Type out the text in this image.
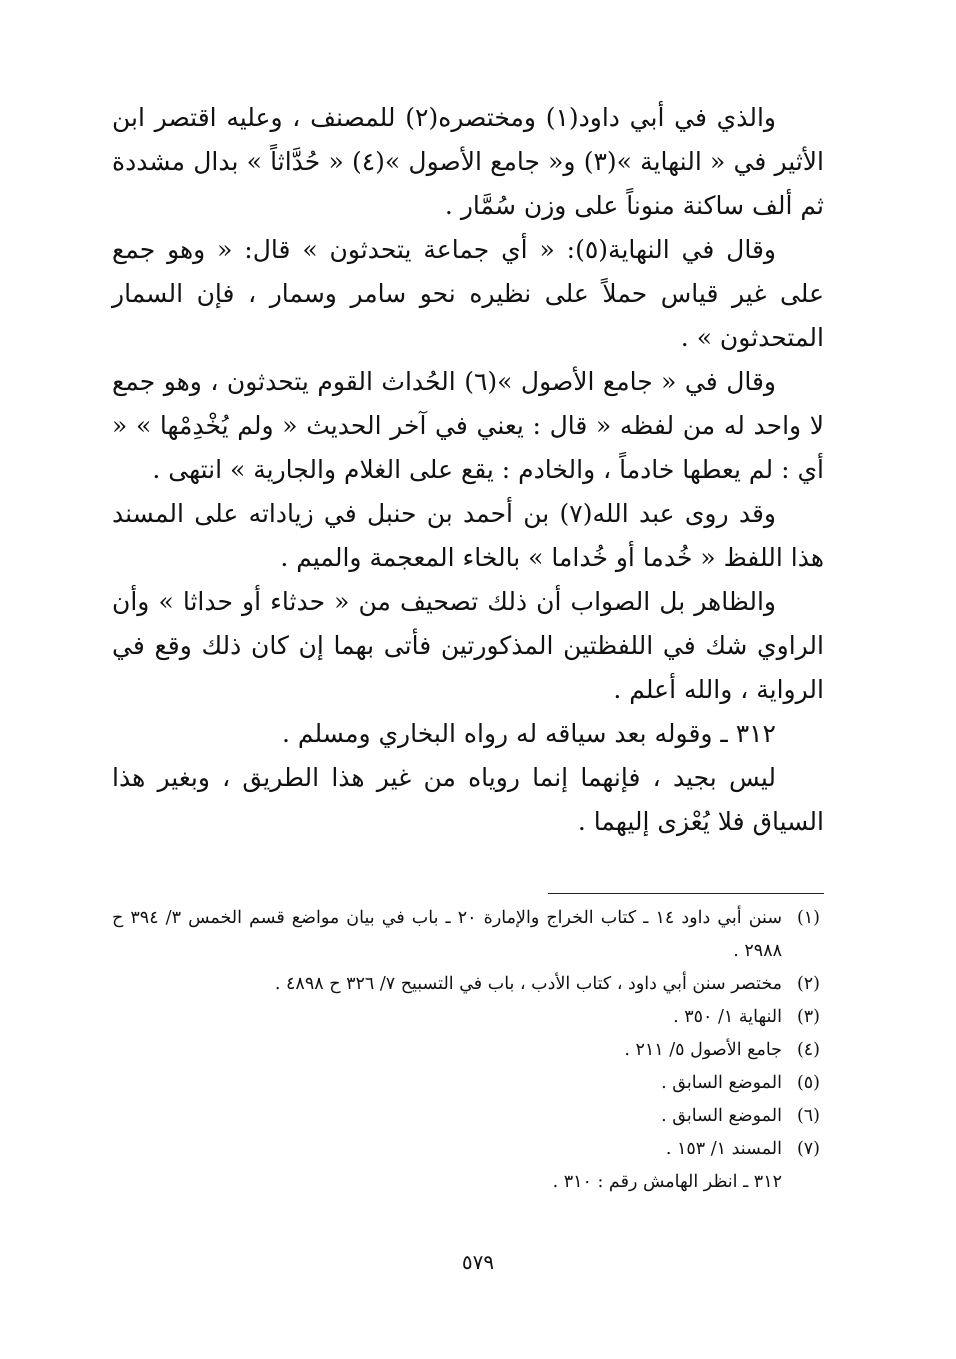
والذي في أبي داود(١) ومختصره(٢) للمصنف ، وعليه اقتصر ابن الأثير في « النهاية »(٣) و« جامع الأصول »(٤) « حُدَّاثاً » بدال مشددة ثم ألف ساكنة منوناً على وزن سُمَّار .

وقال في النهاية(٥): « أي جماعة يتحدثون » قال: « وهو جمع على غير قياس حملاً على نظيره نحو سامر وسمار ، فإن السمار المتحدثون » .

وقال في « جامع الأصول »(٦) الحُداث القوم يتحدثون ، وهو جمع لا واحد له من لفظه « قال : يعني في آخر الحديث « ولم يُخْدِمْها » « أي : لم يعطها خادماً ، والخادم : يقع على الغلام والجارية » انتهى .

وقد روى عبد الله(٧) بن أحمد بن حنبل في زياداته على المسند هذا اللفظ « خُدما أو خُداما » بالخاء المعجمة والميم .

والظاهر بل الصواب أن ذلك تصحيف من « حدثاء أو حداثا » وأن الراوي شك في اللفظتين المذكورتين فأتى بهما إن كان ذلك وقع في الرواية ، والله أعلم .

٣١٢ ـ وقوله بعد سياقه له رواه البخاري ومسلم .

ليس بجيد ، فإنهما إنما روياه من غير هذا الطريق ، وبغير هذا السياق فلا يُعْزى إليهما .

(١)
سنن أبي داود ١٤ ـ كتاب الخراج والإمارة ٢٠ ـ باب في بيان مواضع قسم الخمس ٣/ ٣٩٤ ح ٢٩٨٨ .
(٢)
مختصر سنن أبي داود ، كتاب الأدب ، باب في التسبيح ٧/ ٣٢٦ ح ٤٨٩٨ .
(٣)
النهاية ١/ ٣٥٠ .
(٤)
جامع الأصول ٥/ ٢١١ .
(٥)
الموضع السابق .
(٦)
الموضع السابق .
(٧)
المسند ١/ ١٥٣ .
٣١٢ ـ انظر الهامش رقم : ٣١٠ .
٥٧٩
